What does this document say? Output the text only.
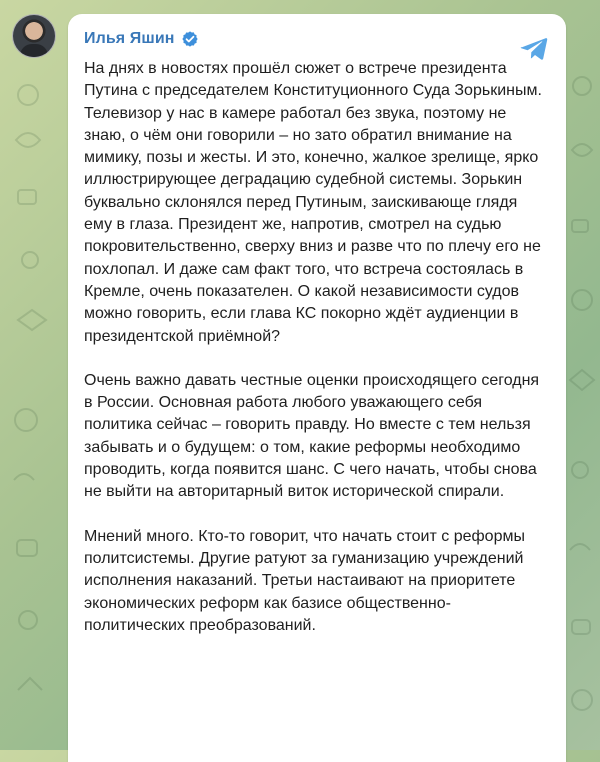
Илья Яшин

На днях в новостях прошёл сюжет о встрече президента Путина с председателем Конституционного Суда Зорькиным. Телевизор у нас в камере работал без звука, поэтому не знаю, о чём они говорили – но зато обратил внимание на мимику, позы и жесты. И это, конечно, жалкое зрелище, ярко иллюстрирующее деградацию судебной системы. Зорькин буквально склонялся перед Путиным, заискивающе глядя ему в глаза. Президент же, напротив, смотрел на судью покровительственно, сверху вниз и разве что по плечу его не похлопал. И даже сам факт того, что встреча состоялась в Кремле, очень показателен. О какой независимости судов можно говорить, если глава КС покорно ждёт аудиенции в президентской приёмной?

Очень важно давать честные оценки происходящего сегодня в России. Основная работа любого уважающего себя политика сейчас – говорить правду. Но вместе с тем нельзя забывать и о будущем: о том, какие реформы необходимо проводить, когда появится шанс. С чего начать, чтобы снова не выйти на авторитарный виток исторической спирали.

Мнений много. Кто-то говорит, что начать стоит с реформы политсистемы. Другие ратуют за гуманизацию учреждений исполнения наказаний. Третьи настаивают на приоритете экономических реформ как базисе общественно-политических преобразований.
